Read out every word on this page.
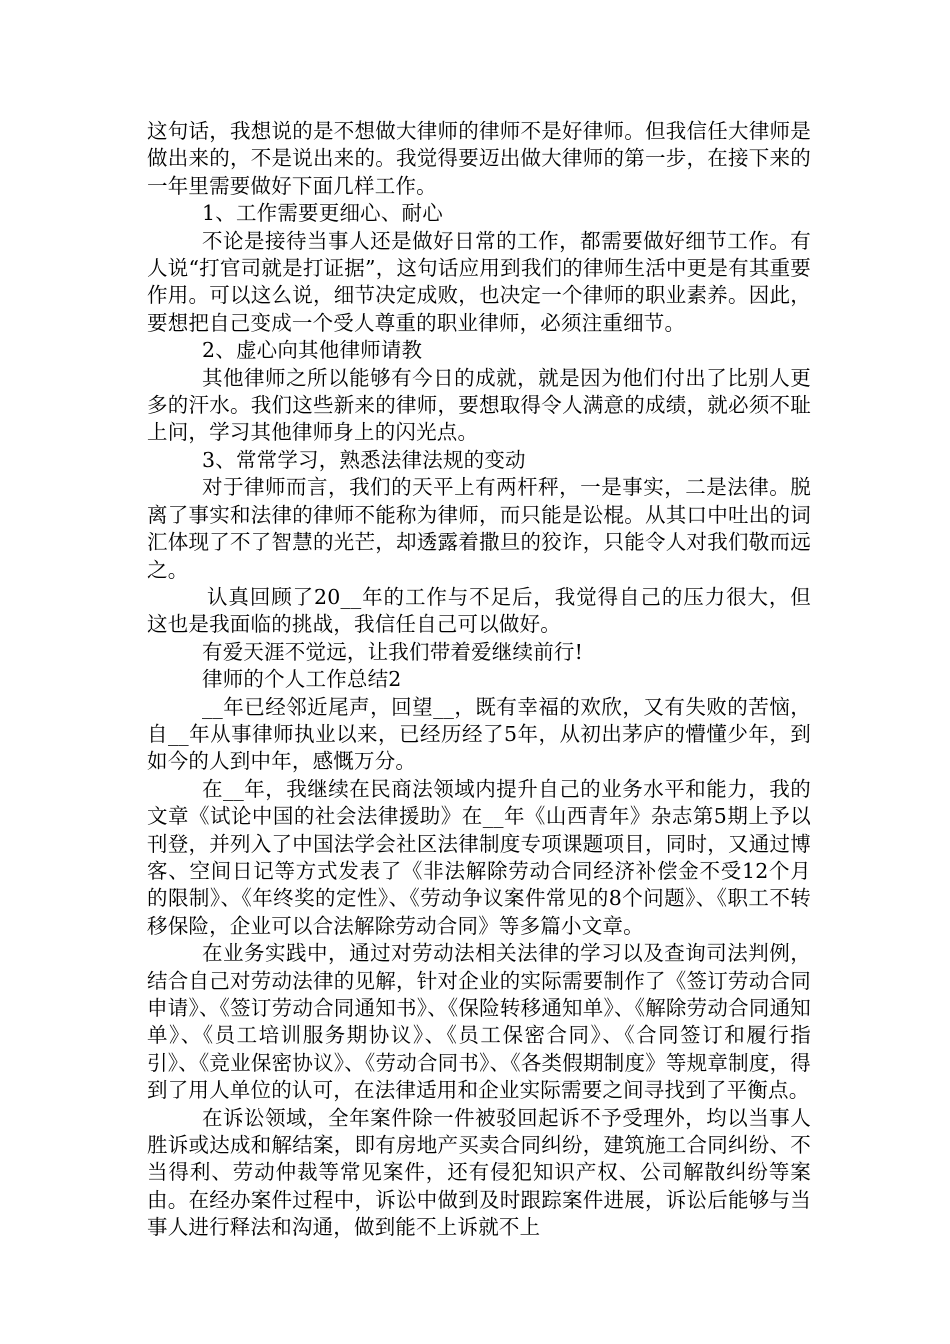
这句话，我想说的是不想做大律师的律师不是好律师。但我信任大律师是做出来的，不是说出来的。我觉得要迈出做大律师的第一步，在接下来的一年里需要做好下面几样工作。

1、工作需要更细心、耐心

不论是接待当事人还是做好日常的工作，都需要做好细节工作。有人说“打官司就是打证据”，这句话应用到我们的律师生活中更是有其重要作用。可以这么说，细节决定成败，也决定一个律师的职业素养。因此，要想把自己变成一个受人尊重的职业律师，必须注重细节。

2、虚心向其他律师请教

其他律师之所以能够有今日的成就，就是因为他们付出了比别人更多的汗水。我们这些新来的律师，要想取得令人满意的成绩，就必须不耻上问，学习其他律师身上的闪光点。

3、常常学习，熟悉法律法规的变动

对于律师而言，我们的天平上有两杆秤，一是事实，二是法律。脱离了事实和法律的律师不能称为律师，而只能是讼棍。从其口中吐出的词汇体现了不了智慧的光芒，却透露着撒旦的狡诈，只能令人对我们敬而远之。

认真回顾了20__年的工作与不足后，我觉得自己的压力很大，但这也是我面临的挑战，我信任自己可以做好。

有爱天涯不觉远，让我们带着爱继续前行!

律师的个人工作总结2

__年已经邻近尾声，回望__，既有幸福的欢欣，又有失败的苦恼，自__年从事律师执业以来，已经历经了5年，从初出茅庐的懵懂少年，到如今的人到中年，感慨万分。

在__年，我继续在民商法领域内提升自己的业务水平和能力，我的文章《试论中国的社会法律援助》在__年《山西青年》杂志第5期上予以刊登，并列入了中国法学会社区法律制度专项课题项目，同时，又通过博客、空间日记等方式发表了《非法解除劳动合同经济补偿金不受12个月的限制》、《年终奖的定性》、《劳动争议案件常见的8个问题》、《职工不转移保险，企业可以合法解除劳动合同》等多篇小文章。

在业务实践中，通过对劳动法相关法律的学习以及查询司法判例，结合自己对劳动法律的见解，针对企业的实际需要制作了《签订劳动合同申请》、《签订劳动合同通知书》、《保险转移通知单》、《解除劳动合同通知单》、《员工培训服务期协议》、《员工保密合同》、《合同签订和履行指引》、《竞业保密协议》、《劳动合同书》、《各类假期制度》等规章制度，得到了用人单位的认可，在法律适用和企业实际需要之间寻找到了平衡点。

在诉讼领域，全年案件除一件被驳回起诉不予受理外，均以当事人胜诉或达成和解结案，即有房地产买卖合同纠纷，建筑施工合同纠纷、不当得利、劳动仲裁等常见案件，还有侵犯知识产权、公司解散纠纷等案由。在经办案件过程中，诉讼中做到及时跟踪案件进展，诉讼后能够与当事人进行释法和沟通，做到能不上诉就不上
